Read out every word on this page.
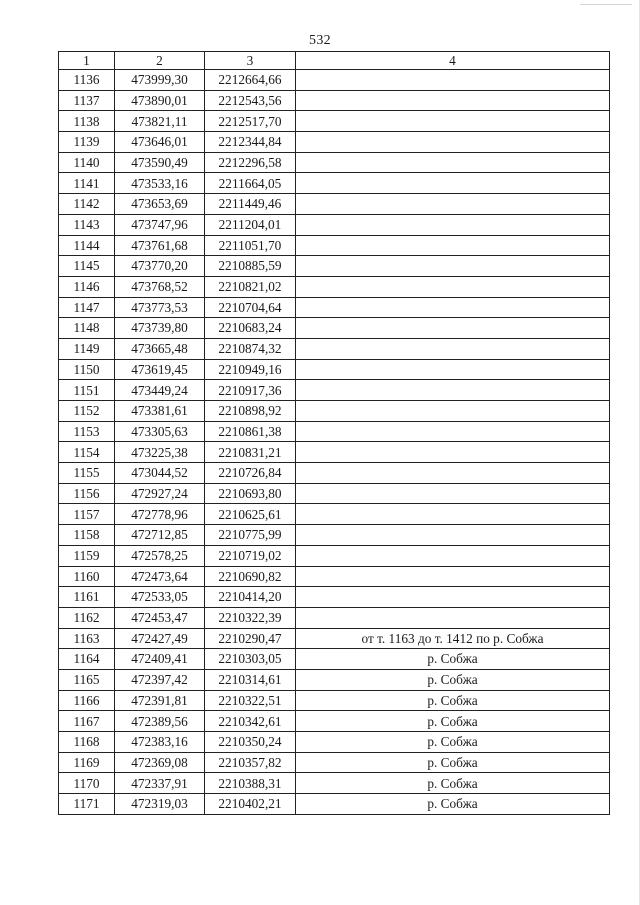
532
1	2	3	4
1136	473999,30	2212664,66	
1137	473890,01	2212543,56	
1138	473821,11	2212517,70	
1139	473646,01	2212344,84	
1140	473590,49	2212296,58	
1141	473533,16	2211664,05	
1142	473653,69	2211449,46	
1143	473747,96	2211204,01	
1144	473761,68	2211051,70	
1145	473770,20	2210885,59	
1146	473768,52	2210821,02	
1147	473773,53	2210704,64	
1148	473739,80	2210683,24	
1149	473665,48	2210874,32	
1150	473619,45	2210949,16	
1151	473449,24	2210917,36	
1152	473381,61	2210898,92	
1153	473305,63	2210861,38	
1154	473225,38	2210831,21	
1155	473044,52	2210726,84	
1156	472927,24	2210693,80	
1157	472778,96	2210625,61	
1158	472712,85	2210775,99	
1159	472578,25	2210719,02	
1160	472473,64	2210690,82	
1161	472533,05	2210414,20	
1162	472453,47	2210322,39	
1163	472427,49	2210290,47	от т. 1163 до т. 1412 по р. Собжа
1164	472409,41	2210303,05	р. Собжа
1165	472397,42	2210314,61	р. Собжа
1166	472391,81	2210322,51	р. Собжа
1167	472389,56	2210342,61	р. Собжа
1168	472383,16	2210350,24	р. Собжа
1169	472369,08	2210357,82	р. Собжа
1170	472337,91	2210388,31	р. Собжа
1171	472319,03	2210402,21	р. Собжа
